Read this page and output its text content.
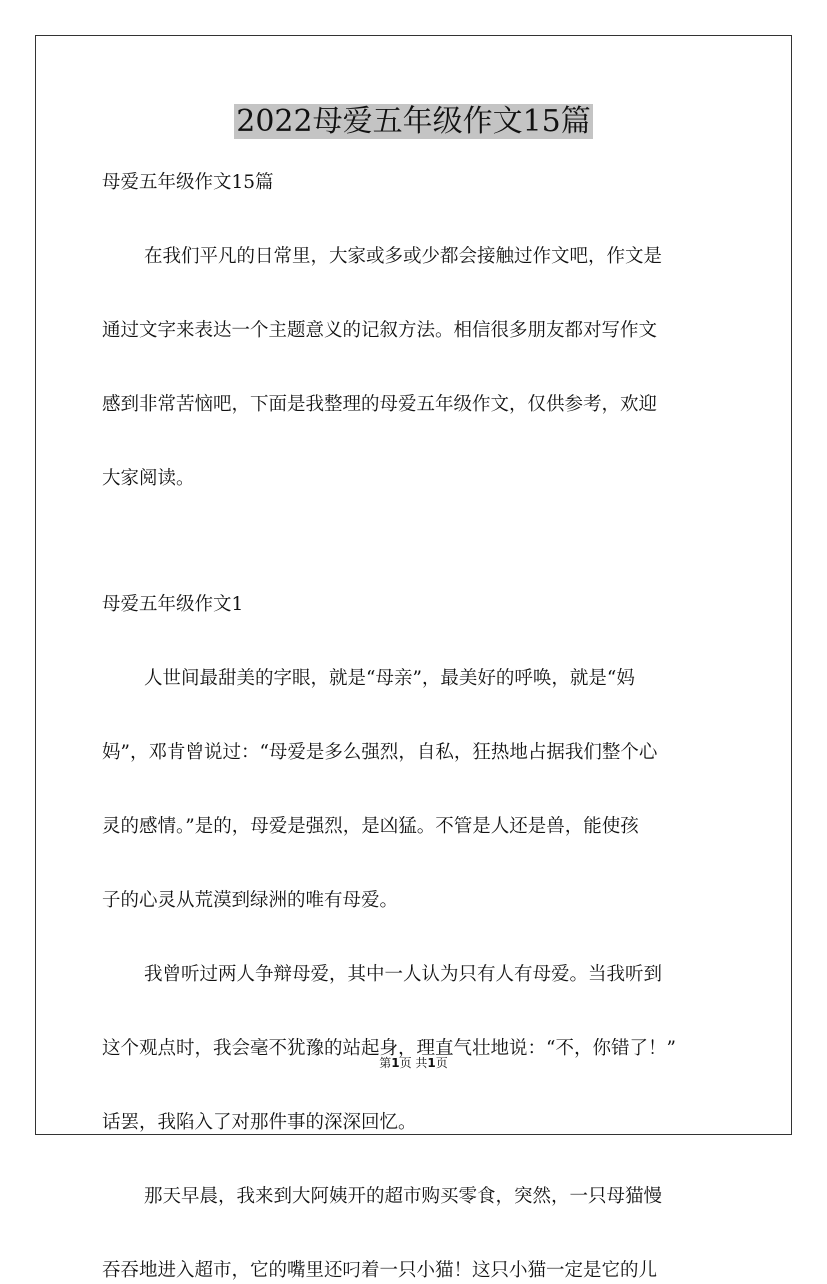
2022母爱五年级作文15篇
母爱五年级作文15篇
在我们平凡的日常里，大家或多或少都会接触过作文吧，作文是
通过文字来表达一个主题意义的记叙方法。相信很多朋友都对写作文
感到非常苦恼吧，下面是我整理的母爱五年级作文，仅供参考，欢迎
大家阅读。
母爱五年级作文1
人世间最甜美的字眼，就是“母亲”，最美好的呼唤，就是“妈
妈”，邓肯曾说过：“母爱是多么强烈，自私，狂热地占据我们整个心
灵的感情。”是的，母爱是强烈，是凶猛。不管是人还是兽，能使孩
子的心灵从荒漠到绿洲的唯有母爱。
我曾听过两人争辩母爱，其中一人认为只有人有母爱。当我听到
这个观点时，我会毫不犹豫的站起身，理直气壮地说：“不，你错了！”
话罢，我陷入了对那件事的深深回忆。
那天早晨，我来到大阿姨开的超市购买零食，突然，一只母猫慢
吞吞地进入超市，它的嘴里还叼着一只小猫！这只小猫一定是它的儿
第1页 共1页
